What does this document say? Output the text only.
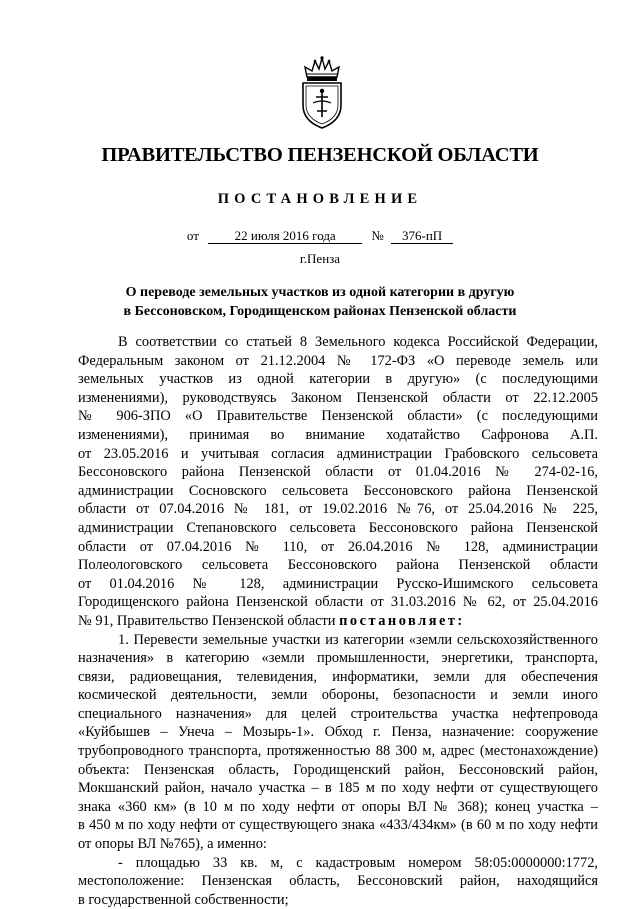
ПРАВИТЕЛЬСТВО ПЕНЗЕНСКОЙ ОБЛАСТИ
ПОСТАНОВЛЕНИЕ
от	22 июля 2016 года	№ 376-пП
г.Пенза
О переводе земельных участков из одной категории в другую
в Бессоновском, Городищенском районах Пензенской области
В соответствии со статьей 8 Земельного кодекса Российской Федерации,
Федеральным законом от 21.12.2004 № 172-ФЗ «О переводе земель или
земельных участков из одной категории в другую» (с последующими
изменениями), руководствуясь Законом Пензенской области от 22.12.2005
№ 906-ЗПО «О Правительстве Пензенской области» (с последующими
изменениями), принимая во внимание ходатайство Сафронова А.П.
от 23.05.2016 и учитывая согласия администрации Грабовского сельсовета
Бессоновского района Пензенской области от 01.04.2016 № 274-02-16,
администрации Сосновского сельсовета Бессоновского района Пензенской
области от 07.04.2016 № 181, от 19.02.2016 №76, от 25.04.2016 № 225,
администрации Степановского сельсовета Бессоновского района Пензенской
области от 07.04.2016 № 110, от 26.04.2016 № 128, администрации
Полеологовского сельсовета Бессоновского района Пензенской области
от 01.04.2016 № 128, администрации Русско-Ишимского сельсовета
Городищенского района Пензенской области от 31.03.2016 № 62, от 25.04.2016
№ 91, Правительство Пензенской области постановляет:
1. Перевести земельные участки из категории «земли сельскохозяйственного
назначения» в категорию «земли промышленности, энергетики, транспорта,
связи, радиовещания, телевидения, информатики, земли для обеспечения
космической деятельности, земли обороны, безопасности и земли иного
специального назначения» для целей строительства участка нефтепровода
«Куйбышев – Унеча – Мозырь-1». Обход г. Пенза, назначение: сооружение
трубопроводного транспорта, протяженностью 88 300 м, адрес (местонахождение)
объекта: Пензенская область, Городищенский район, Бессоновский район,
Мокшанский район, начало участка – в 185 м по ходу нефти от существующего
знака «360 км» (в 10 м по ходу нефти от опоры ВЛ № 368); конец участка –
в 450 м по ходу нефти от существующего знака «433/434км» (в 60 м по ходу нефти
от опоры ВЛ №765), а именно:
- площадью 33 кв. м, с кадастровым номером 58:05:0000000:1772,
местоположение: Пензенская область, Бессоновский район, находящийся
в государственной собственности;
